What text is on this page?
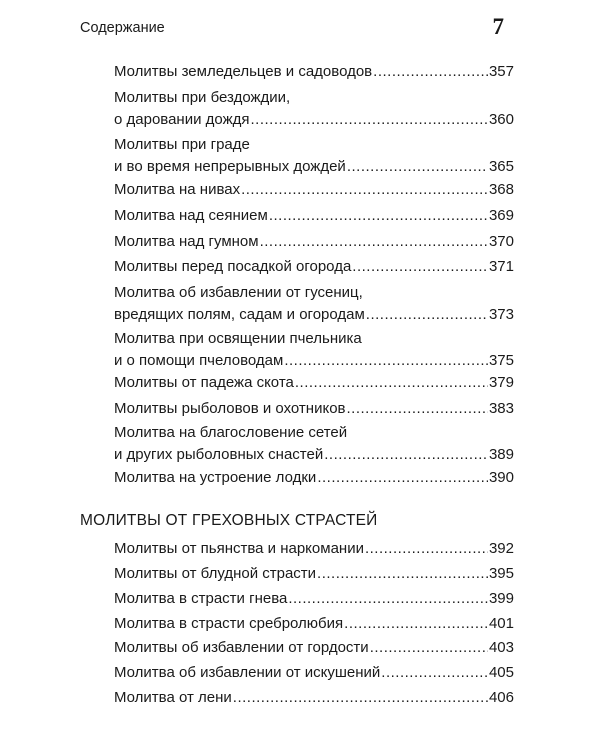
Содержание	7
Молитвы земледельцев и садоводов .....	357
Молитвы при бездождии,
о даровании дождя .....	360
Молитвы при граде
и во время непрерывных дождей .....	365
Молитва на нивах .....	368
Молитва над сеянием .....	369
Молитва над гумном .....	370
Молитвы перед посадкой огорода .....	371
Молитва об избавлении от гусениц,
вредящих полям, садам и огородам .....	373
Молитва при освящении пчельника
и о помощи пчеловодам .....	375
Молитвы от падежа скота .....	379
Молитвы рыболовов и охотников .....	383
Молитва на благословение сетей
и других рыболовных снастей .....	389
Молитва на устроение лодки .....	390
МОЛИТВЫ ОТ ГРЕХОВНЫХ СТРАСТЕЙ
Молитвы от пьянства и наркомании .....	392
Молитвы от блудной страсти .....	395
Молитва в страсти гнева .....	399
Молитва в страсти сребролюбия .....	401
Молитвы об избавлении от гордости .....	403
Молитва об избавлении от искушений .....	405
Молитва от лени .....	406
